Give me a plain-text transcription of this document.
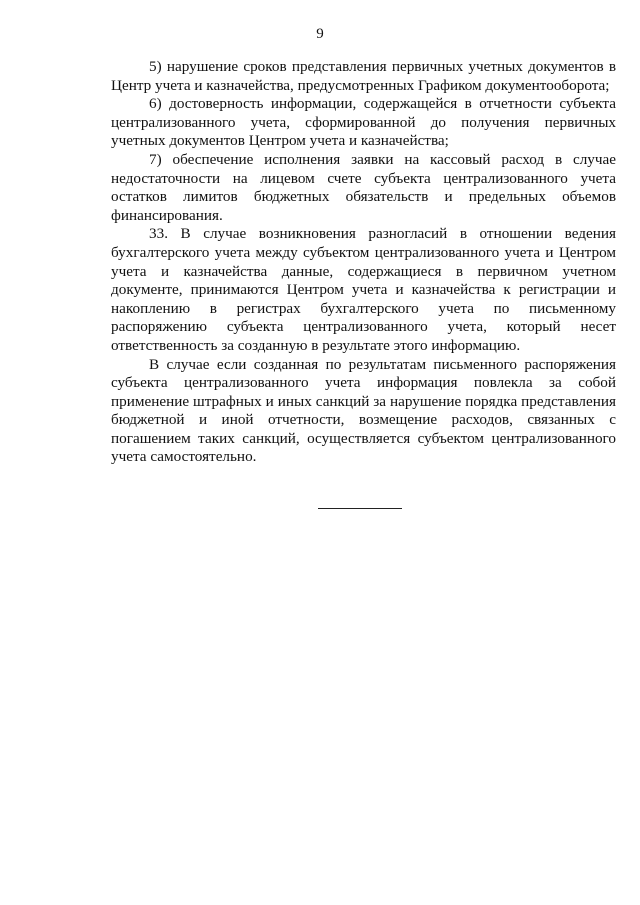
9

5) нарушение сроков представления первичных учетных документов в Центр учета и казначейства, предусмотренных Графиком документооборота;

6) достоверность информации, содержащейся в отчетности субъекта централизованного учета, сформированной до получения первичных учетных документов Центром учета и казначейства;

7) обеспечение исполнения заявки на кассовый расход в случае недостаточности на лицевом счете субъекта централизованного учета остатков лимитов бюджетных обязательств и предельных объемов финансирования.

33. В случае возникновения разногласий в отношении ведения бухгалтерского учета между субъектом централизованного учета и Центром учета и казначейства данные, содержащиеся в первичном учетном документе, принимаются Центром учета и казначейства к регистрации и накоплению в регистрах бухгалтерского учета по письменному распоряжению субъекта централизованного учета, который несет ответственность за созданную в результате этого информацию.

В случае если созданная по результатам письменного распоряжения субъекта централизованного учета информация повлекла за собой применение штрафных и иных санкций за нарушение порядка представления бюджетной и иной отчетности, возмещение расходов, связанных с погашением таких санкций, осуществляется субъектом централизованного учета самостоятельно.
